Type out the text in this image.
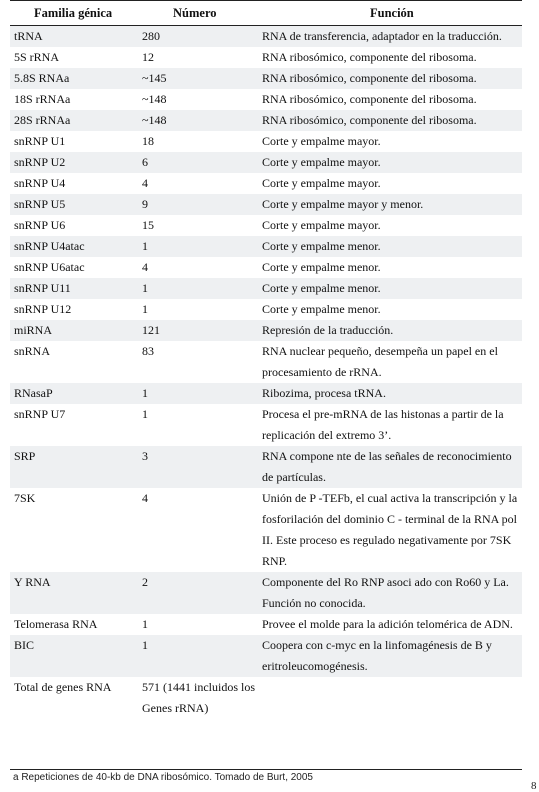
Familia génica	Número	Función
tRNA	280	RNA de transferencia, adaptador en la traducción.
5S rRNA	12	RNA ribosómico, componente del ribosoma.
5.8S RNAa	~145	RNA ribosómico, componente del ribosoma.
18S rRNAa	~148	RNA ribosómico, componente del ribosoma.
28S rRNAa	~148	RNA ribosómico, componente del ribosoma.
snRNP U1	18	Corte y empalme mayor.
snRNP U2	6	Corte y empalme mayor.
snRNP U4	4	Corte y empalme mayor.
snRNP U5	9	Corte y empalme mayor y menor.
snRNP U6	15	Corte y empalme mayor.
snRNP U4atac	1	Corte y empalme menor.
snRNP U6atac	4	Corte y empalme menor.
snRNP U11	1	Corte y empalme menor.
snRNP U12	1	Corte y empalme menor.
miRNA	121	Represión de la traducción.
snRNA	83	RNA nuclear pequeño, desempeña un papel en el procesamiento de rRNA.
RNasaP	1	Ribozima, procesa tRNA.
snRNP U7	1	Procesa el pre-mRNA de las histonas a partir de la replicación del extremo 3’.
SRP	3	RNA compone nte de las señales de reconocimiento de partículas.
7SK	4	Unión de P -TEFb, el cual activa la transcripción y la fosforilación del dominio C - terminal de la RNA pol II. Este proceso es regulado negativamente por 7SK RNP.
Y RNA	2	Componente del Ro RNP asoci ado con Ro60 y La. Función no conocida.
Telomerasa RNA	1	Provee el molde para la adición telomérica de ADN.
BIC	1	Coopera con c-myc en la linfomagénesis de B y eritroleucomogénesis.
Total de genes RNA	571 (1441 incluidos los Genes rRNA)	
a Repeticiones de 40-kb de DNA ribosómico. Tomado de Burt, 2005
8
